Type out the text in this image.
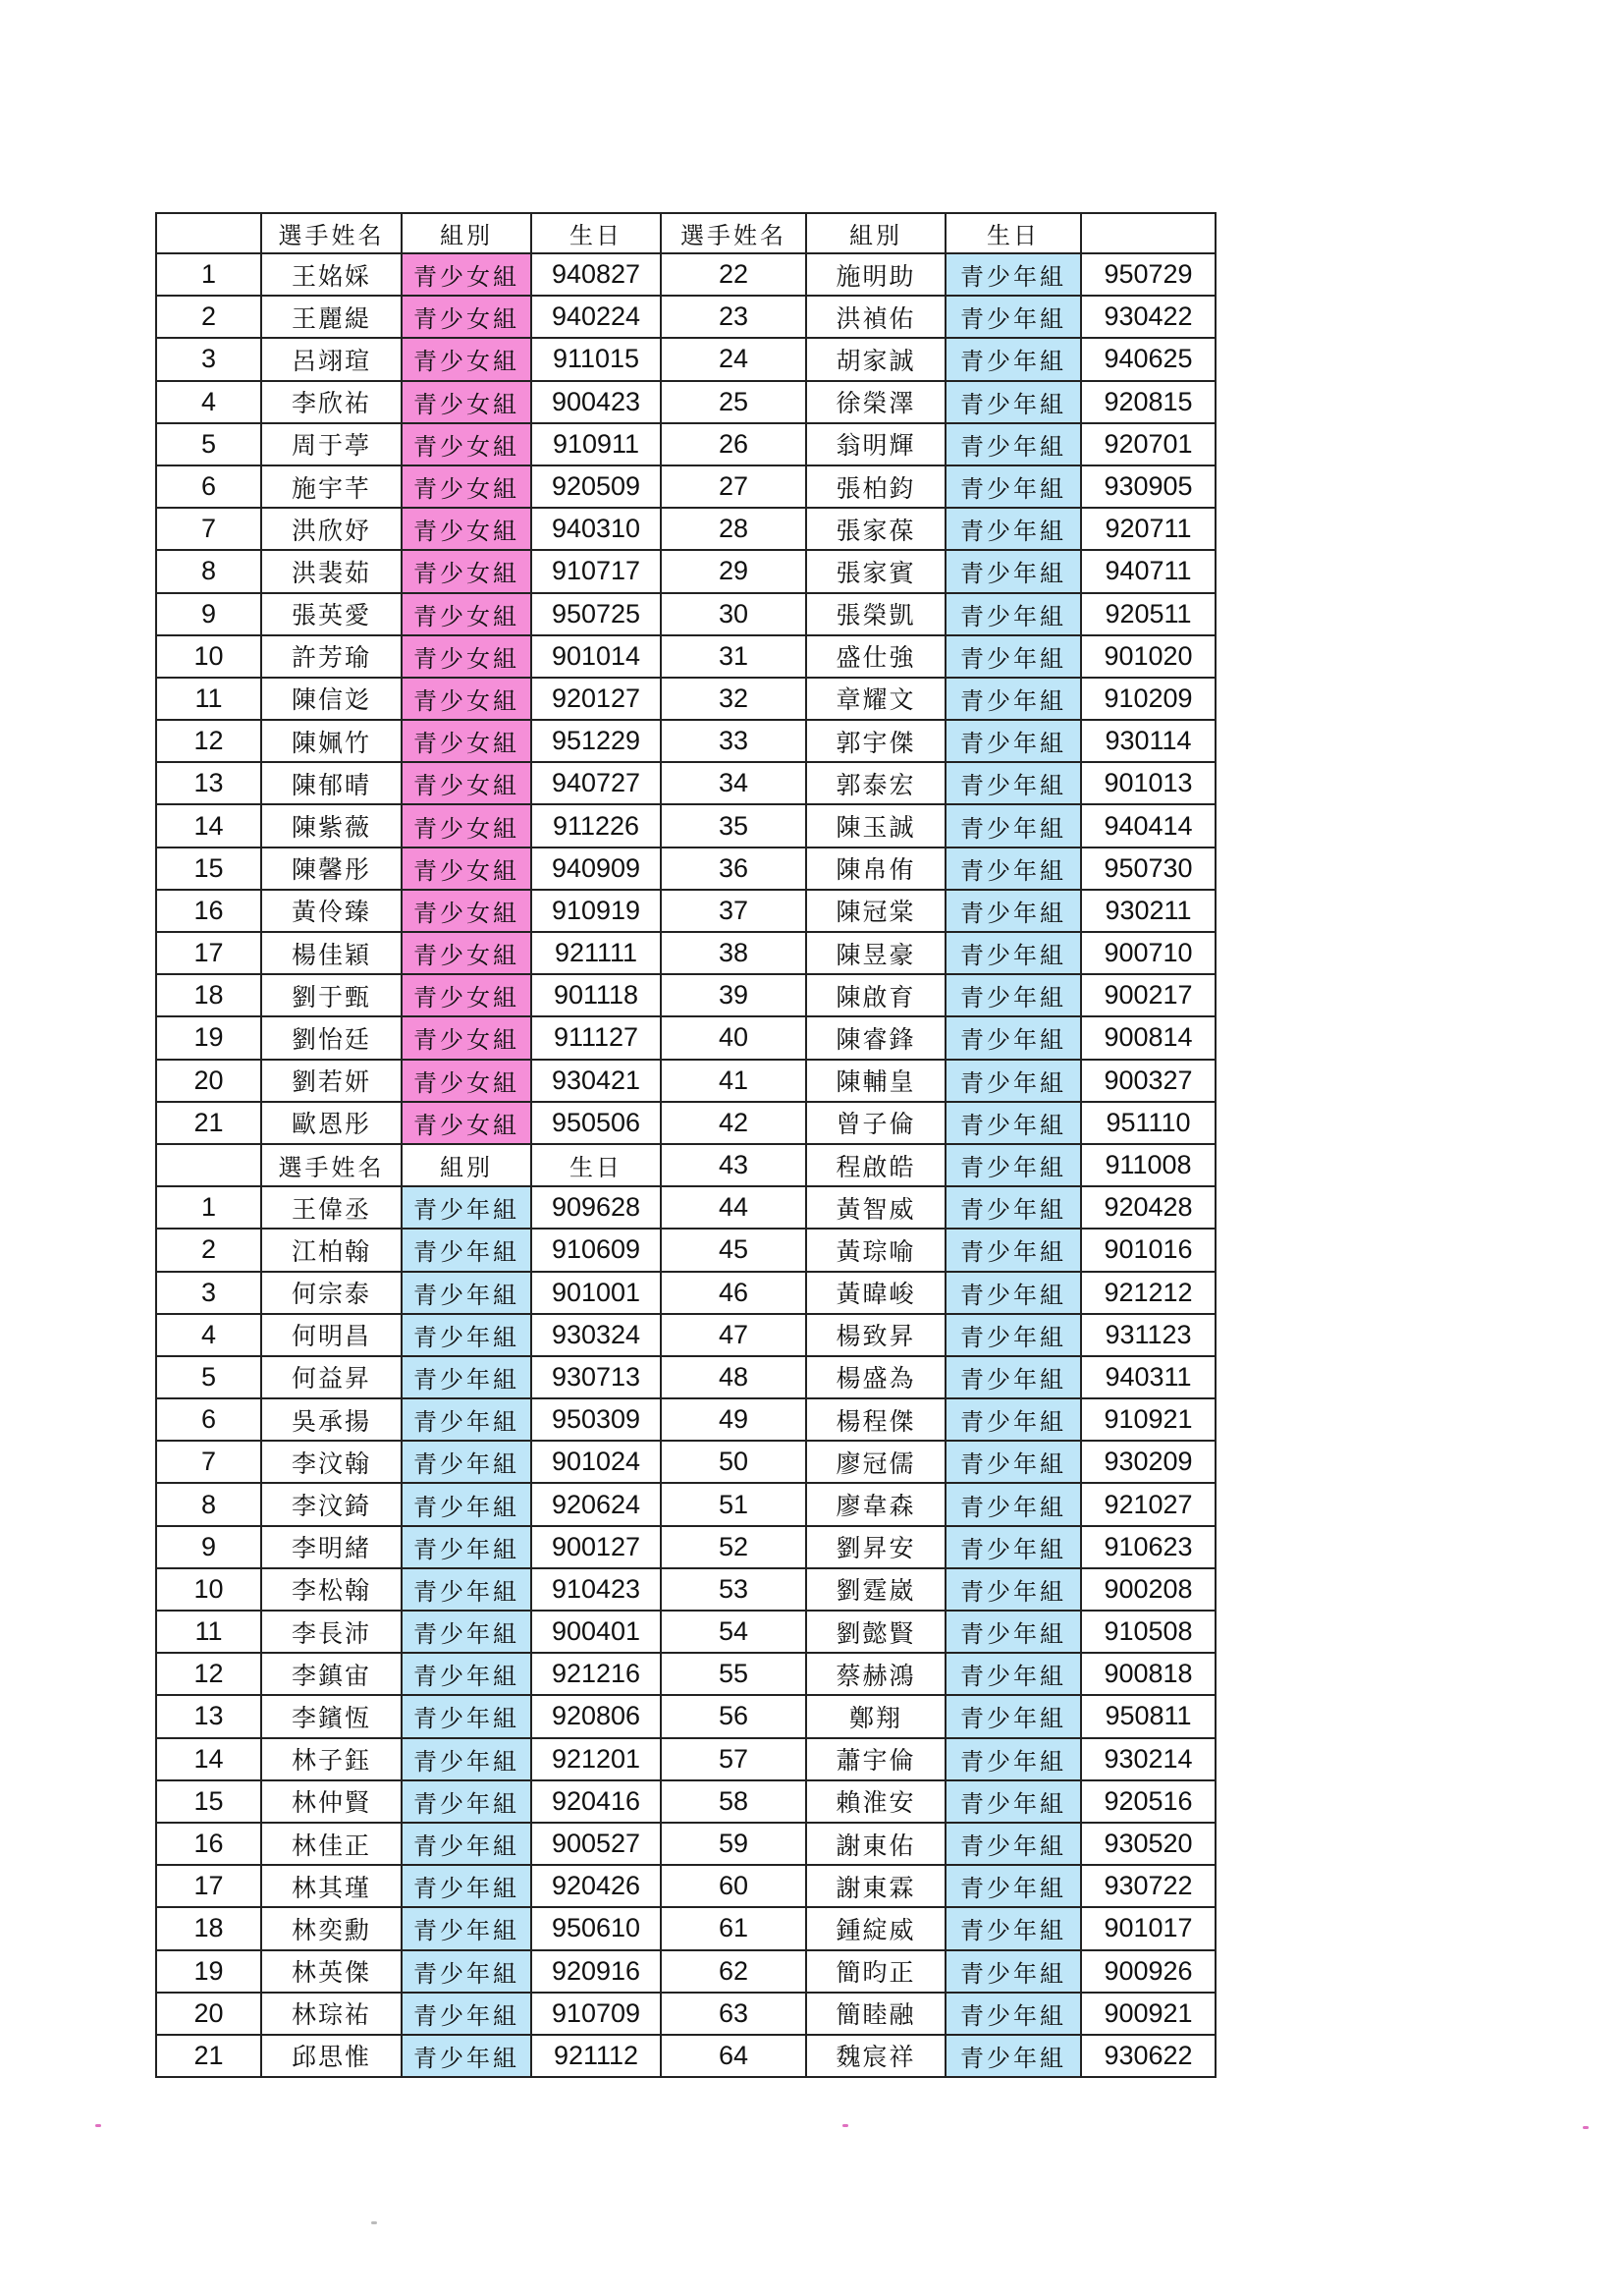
	選手姓名	組別	生日	選手姓名	組別	生日	
1	王姳婇	青少女組	940827	22	施明助	青少年組	950729
2	王麗緹	青少女組	940224	23	洪禎佑	青少年組	930422
3	呂翊瑄	青少女組	911015	24	胡家誠	青少年組	940625
4	李欣祐	青少女組	900423	25	徐榮澤	青少年組	920815
5	周于葶	青少女組	910911	26	翁明輝	青少年組	920701
6	施宇芊	青少女組	920509	27	張柏鈞	青少年組	930905
7	洪欣妤	青少女組	940310	28	張家葆	青少年組	920711
8	洪裴茹	青少女組	910717	29	張家賓	青少年組	940711
9	張英愛	青少女組	950725	30	張榮凱	青少年組	920511
10	許芳瑜	青少女組	901014	31	盛仕強	青少年組	901020
11	陳信彣	青少女組	920127	32	章耀文	青少年組	910209
12	陳姵竹	青少女組	951229	33	郭宇傑	青少年組	930114
13	陳郁晴	青少女組	940727	34	郭泰宏	青少年組	901013
14	陳紫薇	青少女組	911226	35	陳玉誠	青少年組	940414
15	陳馨彤	青少女組	940909	36	陳帛侑	青少年組	950730
16	黃伶臻	青少女組	910919	37	陳冠棠	青少年組	930211
17	楊佳穎	青少女組	921111	38	陳昱豪	青少年組	900710
18	劉于甄	青少女組	901118	39	陳啟育	青少年組	900217
19	劉怡廷	青少女組	911127	40	陳睿鋒	青少年組	900814
20	劉若妍	青少女組	930421	41	陳輔皇	青少年組	900327
21	歐恩彤	青少女組	950506	42	曾子倫	青少年組	951110
	選手姓名	組別	生日	43	程啟皓	青少年組	911008
1	王偉丞	青少年組	909628	44	黃智威	青少年組	920428
2	江柏翰	青少年組	910609	45	黃琮喻	青少年組	901016
3	何宗泰	青少年組	901001	46	黃暐峻	青少年組	921212
4	何明昌	青少年組	930324	47	楊致昇	青少年組	931123
5	何益昇	青少年組	930713	48	楊盛為	青少年組	940311
6	吳承揚	青少年組	950309	49	楊程傑	青少年組	910921
7	李汶翰	青少年組	901024	50	廖冠儒	青少年組	930209
8	李汶錡	青少年組	920624	51	廖韋森	青少年組	921027
9	李明緒	青少年組	900127	52	劉昇安	青少年組	910623
10	李松翰	青少年組	910423	53	劉霆崴	青少年組	900208
11	李長沛	青少年組	900401	54	劉懿賢	青少年組	910508
12	李鎮宙	青少年組	921216	55	蔡赫鴻	青少年組	900818
13	李鑌恆	青少年組	920806	56	鄭翔	青少年組	950811
14	林子鈺	青少年組	921201	57	蕭宇倫	青少年組	930214
15	林仲賢	青少年組	920416	58	賴淮安	青少年組	920516
16	林佳正	青少年組	900527	59	謝東佑	青少年組	930520
17	林其瑾	青少年組	920426	60	謝東霖	青少年組	930722
18	林奕勳	青少年組	950610	61	鍾綻威	青少年組	901017
19	林英傑	青少年組	920916	62	簡昀正	青少年組	900926
20	林琮祐	青少年組	910709	63	簡睦融	青少年組	900921
21	邱思惟	青少年組	921112	64	魏宸祥	青少年組	930622
